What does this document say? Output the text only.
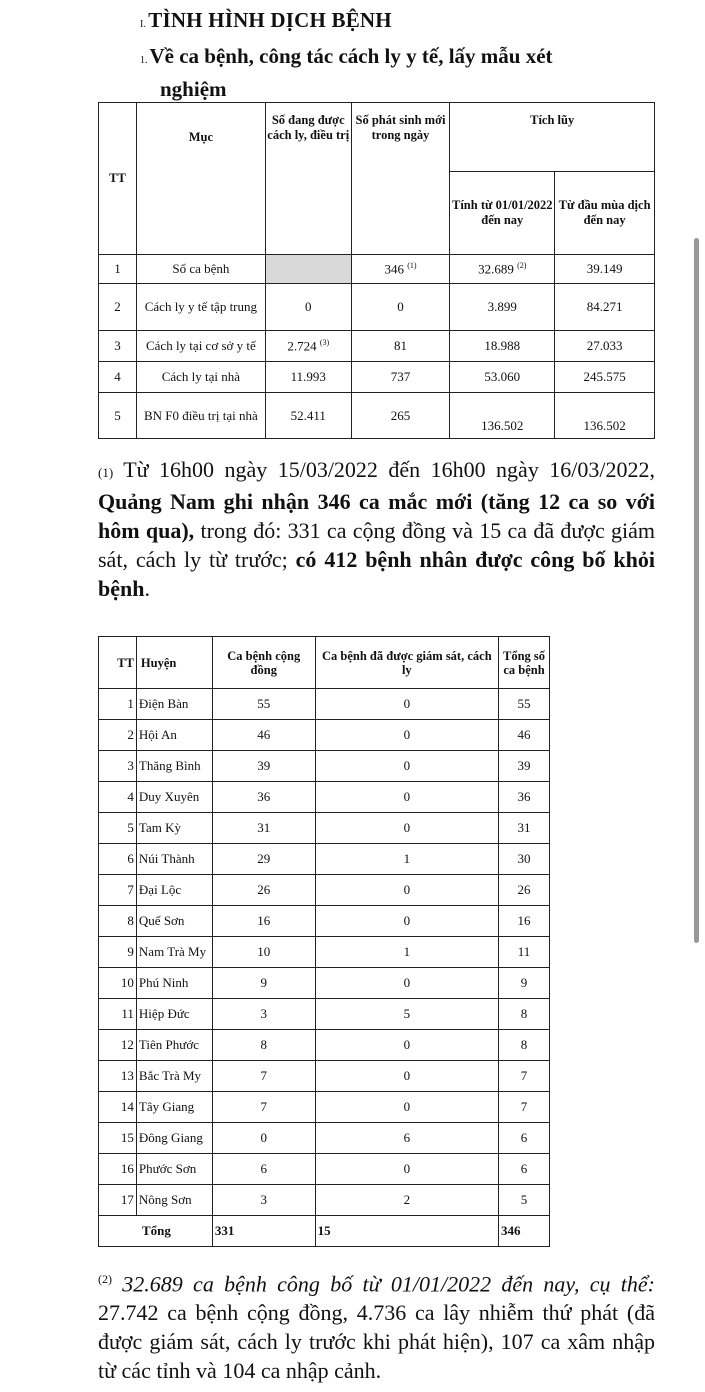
I.TÌNH HÌNH DỊCH BỆNH
1.Về ca bệnh, công tác cách ly y tế, lấy mẫu xét
nghiệm
TT	Mục	Số đang được cách ly, điều trị	Số phát sinh mới trong ngày	Tích lũy	
				Tính từ 01/01/2022 đến nay	Từ đầu mùa dịch đến nay
1	Số ca bệnh		346 $^{(1)}$	32.689 $^{(2)}$	39.149
2	Cách ly y tế tập trung	0	0	3.899	84.271
3	Cách ly tại cơ sở y tế	2.724 $^{(3)}$	81	18.988	27.033
4	Cách ly tại nhà	11.993	737	53.060	245.575
5	BN F0 điều trị tại nhà	52.411	265	136.502	136.502
(1) Từ 16h00 ngày 15/03/2022 đến 16h00 ngày 16/03/2022, Quảng Nam ghi nhận 346 ca mắc mới (tăng 12 ca so với hôm qua), trong đó: 331 ca cộng đồng và 15 ca đã được giám sát, cách ly từ trước; có 412 bệnh nhân được công bố khỏi bệnh.
TT	Huyện	Ca bệnh cộng đồng	Ca bệnh đã được giám sát, cách ly	Tổng số ca bệnh
1	Điện Bàn	55	0	55
2	Hội An	46	0	46
3	Thăng Bình	39	0	39
4	Duy Xuyên	36	0	36
5	Tam Kỳ	31	0	31
6	Núi Thành	29	1	30
7	Đại Lộc	26	0	26
8	Quế Sơn	16	0	16
9	Nam Trà My	10	1	11
10	Phú Ninh	9	0	9
11	Hiệp Đức	3	5	8
12	Tiên Phước	8	0	8
13	Bắc Trà My	7	0	7
14	Tây Giang	7	0	7
15	Đông Giang	0	6	6
16	Phước Sơn	6	0	6
17	Nông Sơn	3	2	5
Tổng		331	15	346
$^{(2)}$ 32.689 ca bệnh công bố từ 01/01/2022 đến nay, cụ thể: 27.742 ca bệnh cộng đồng, 4.736 ca lây nhiễm thứ phát (đã được giám sát, cách ly trước khi phát hiện), 107 ca xâm nhập từ các tỉnh và 104 ca nhập cảnh.
